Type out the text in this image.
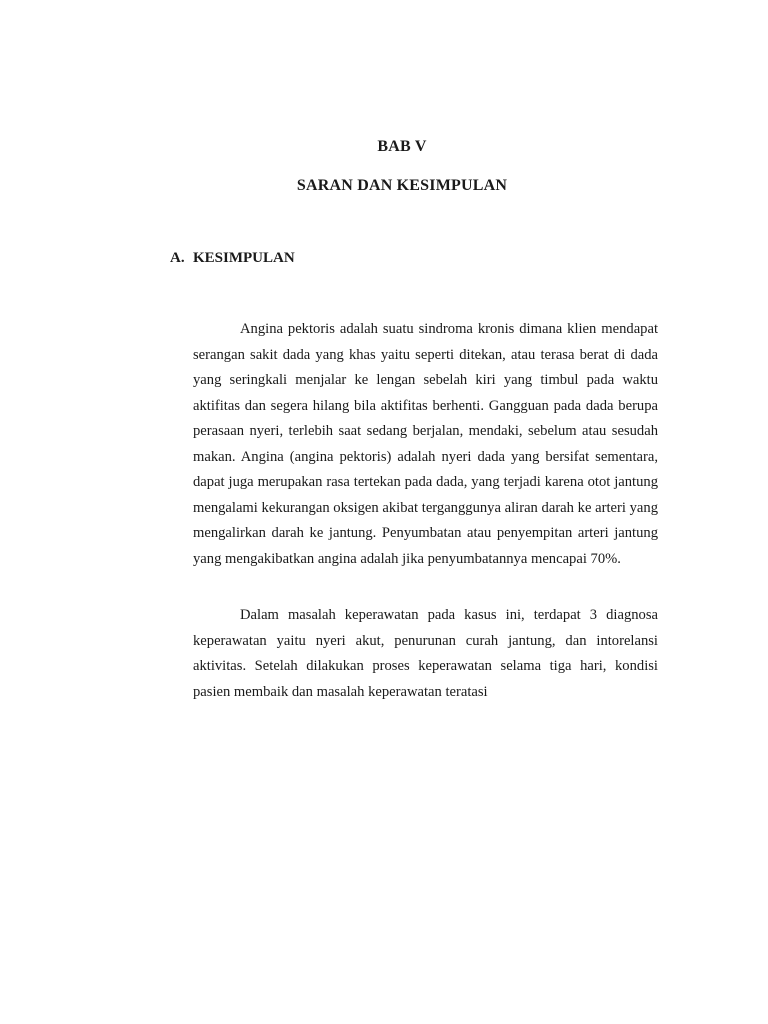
BAB V
SARAN DAN KESIMPULAN
A. KESIMPULAN

Angina pektoris adalah suatu sindroma kronis dimana klien mendapat serangan sakit dada yang khas yaitu seperti ditekan, atau terasa berat di dada yang seringkali menjalar ke lengan sebelah kiri yang timbul pada waktu aktifitas dan segera hilang bila aktifitas berhenti. Gangguan pada dada berupa perasaan nyeri, terlebih saat sedang berjalan, mendaki, sebelum atau sesudah makan. Angina (angina pektoris) adalah nyeri dada yang bersifat sementara, dapat juga merupakan rasa tertekan pada dada, yang terjadi karena otot jantung mengalami kekurangan oksigen akibat terganggunya aliran darah ke arteri yang mengalirkan darah ke jantung. Penyumbatan atau penyempitan arteri jantung yang mengakibatkan angina adalah jika penyumbatannya mencapai 70%.

Dalam masalah keperawatan pada kasus ini, terdapat 3 diagnosa keperawatan yaitu nyeri akut, penurunan curah jantung, dan intorelansi aktivitas. Setelah dilakukan proses keperawatan selama tiga hari, kondisi pasien membaik dan masalah keperawatan teratasi
